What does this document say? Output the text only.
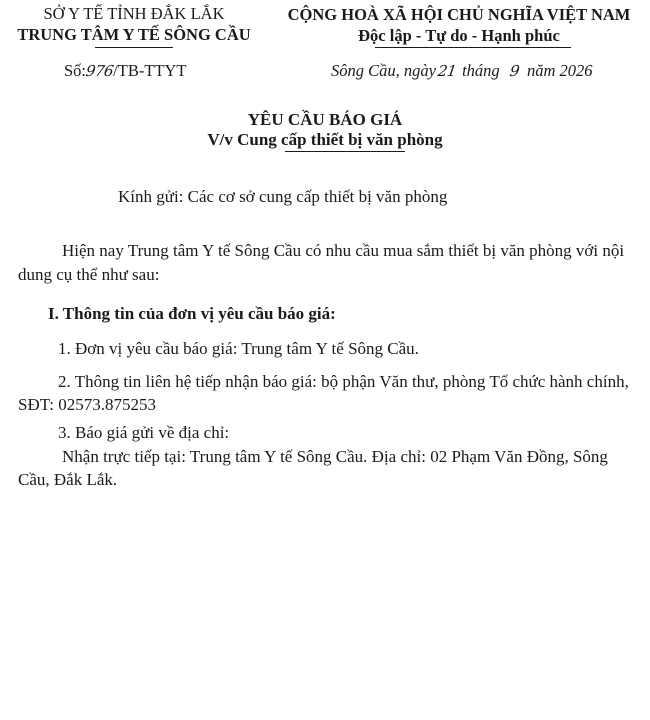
SỞ Y TẾ TỈNH ĐẮK LẮK
TRUNG TÂM Y TẾ SÔNG CẦU
Số:976/TB-TTYT
CỘNG HOÀ XÃ HỘI CHỦ NGHĨA VIỆT NAM
Độc lập - Tự do - Hạnh phúc
Sông Cầu, ngày21 tháng 9 năm 2026
YÊU CẦU BÁO GIÁ
V/v Cung cấp thiết bị văn phòng
Kính gửi: Các cơ sở cung cấp thiết bị văn phòng
Hiện nay Trung tâm Y tế Sông Cầu có nhu cầu mua sắm thiết bị văn phòng với nội
dung cụ thể như sau:
I. Thông tin của đơn vị yêu cầu báo giá:
1. Đơn vị yêu cầu báo giá: Trung tâm Y tế Sông Cầu.
2. Thông tin liên hệ tiếp nhận báo giá: bộ phận Văn thư, phòng Tổ chức hành chính,
SĐT: 02573.875253
3. Báo giá gửi về địa chỉ:
Nhận trực tiếp tại: Trung tâm Y tế Sông Cầu. Địa chỉ: 02 Phạm Văn Đồng, Sông
Cầu, Đắk Lắk.
